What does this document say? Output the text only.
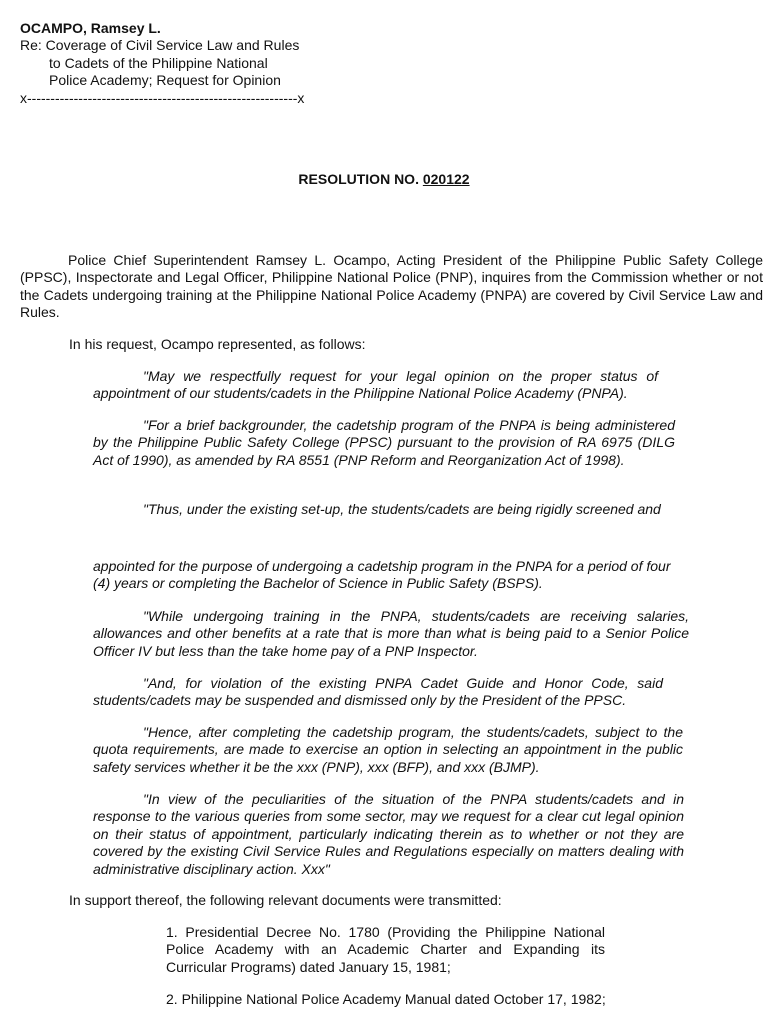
OCAMPO, Ramsey L.
Re: Coverage of Civil Service Law and Rules
to Cadets of the Philippine National
Police Academy; Request for Opinion
x----------------------------------------------------------x
RESOLUTION NO. 020122

Police Chief Superintendent Ramsey L. Ocampo, Acting President of the Philippine Public Safety College (PPSC), Inspectorate and Legal Officer, Philippine National Police (PNP), inquires from the Commission whether or not the Cadets undergoing training at the Philippine National Police Academy (PNPA) are covered by Civil Service Law and Rules.

In his request, Ocampo represented, as follows:

"May we respectfully request for your legal opinion on the proper status of appointment of our students/cadets in the Philippine National Police Academy (PNPA).

"For a brief backgrounder, the cadetship program of the PNPA is being administered by the Philippine Public Safety College (PPSC) pursuant to the provision of RA 6975 (DILG Act of 1990), as amended by RA 8551 (PNP Reform and Reorganization Act of 1998).

"Thus, under the existing set-up, the students/cadets are being rigidly screened and

appointed for the purpose of undergoing a cadetship program in the PNPA for a period of four (4) years or completing the Bachelor of Science in Public Safety (BSPS).

"While undergoing training in the PNPA, students/cadets are receiving salaries, allowances and other benefits at a rate that is more than what is being paid to a Senior Police Officer IV but less than the take home pay of a PNP Inspector.

"And, for violation of the existing PNPA Cadet Guide and Honor Code, said students/cadets may be suspended and dismissed only by the President of the PPSC.

"Hence, after completing the cadetship program, the students/cadets, subject to the quota requirements, are made to exercise an option in selecting an appointment in the public safety services whether it be the xxx (PNP), xxx (BFP), and xxx (BJMP).

"In view of the peculiarities of the situation of the PNPA students/cadets and in response to the various queries from some sector, may we request for a clear cut legal opinion on their status of appointment, particularly indicating therein as to whether or not they are covered by the existing Civil Service Rules and Regulations especially on matters dealing with administrative disciplinary action. Xxx"

In support thereof, the following relevant documents were transmitted:

1. Presidential Decree No. 1780 (Providing the Philippine National Police Academy with an Academic Charter and Expanding its Curricular Programs) dated January 15, 1981;

2. Philippine National Police Academy Manual dated October 17, 1982;
